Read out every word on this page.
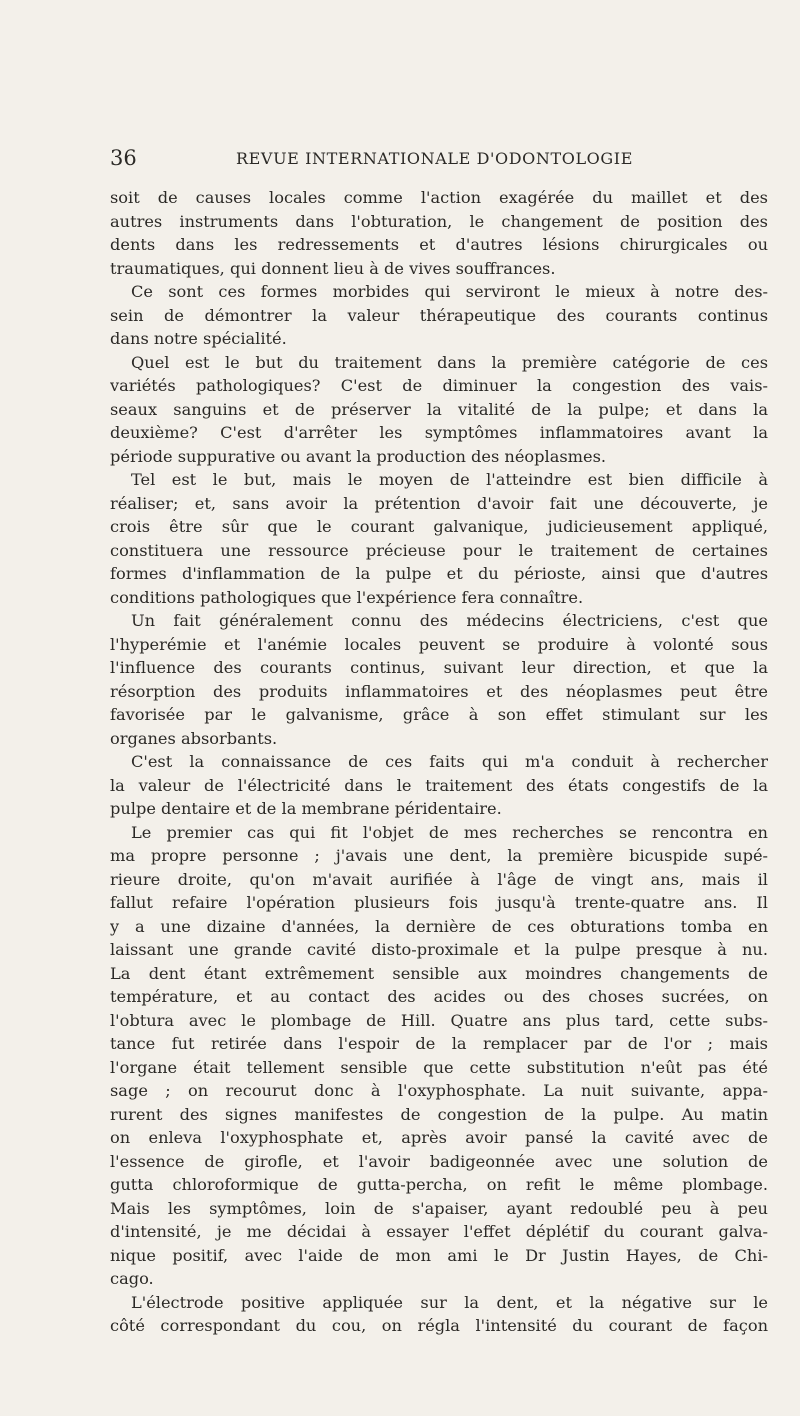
36	REVUE INTERNATIONALE D'ODONTOLOGIE
soit de causes locales comme l'action exagérée du maillet et des
autres instruments dans l'obturation, le changement de position des
dents dans les redressements et d'autres lésions chirurgicales ou
traumatiques, qui donnent lieu à de vives souffrances.
Ce sont ces formes morbides qui serviront le mieux à notre des-
sein de démontrer la valeur thérapeutique des courants continus
dans notre spécialité.
Quel est le but du traitement dans la première catégorie de ces
variétés pathologiques? C'est de diminuer la congestion des vais-
seaux sanguins et de préserver la vitalité de la pulpe; et dans la
deuxième? C'est d'arrêter les symptômes inflammatoires avant la
période suppurative ou avant la production des néoplasmes.
Tel est le but, mais le moyen de l'atteindre est bien difficile à
réaliser; et, sans avoir la prétention d'avoir fait une découverte, je
crois être sûr que le courant galvanique, judicieusement appliqué,
constituera une ressource précieuse pour le traitement de certaines
formes d'inflammation de la pulpe et du périoste, ainsi que d'autres
conditions pathologiques que l'expérience fera connaître.
Un fait généralement connu des médecins électriciens, c'est que
l'hyperémie et l'anémie locales peuvent se produire à volonté sous
l'influence des courants continus, suivant leur direction, et que la
résorption des produits inflammatoires et des néoplasmes peut être
favorisée par le galvanisme, grâce à son effet stimulant sur les
organes absorbants.
C'est la connaissance de ces faits qui m'a conduit à rechercher
la valeur de l'électricité dans le traitement des états congestifs de la
pulpe dentaire et de la membrane péridentaire.
Le premier cas qui fit l'objet de mes recherches se rencontra en
ma propre personne ; j'avais une dent, la première bicuspide supé-
rieure droite, qu'on m'avait aurifiée à l'âge de vingt ans, mais il
fallut refaire l'opération plusieurs fois jusqu'à trente-quatre ans. Il
y a une dizaine d'années, la dernière de ces obturations tomba en
laissant une grande cavité disto-proximale et la pulpe presque à nu.
La dent étant extrêmement sensible aux moindres changements de
température, et au contact des acides ou des choses sucrées, on
l'obtura avec le plombage de Hill. Quatre ans plus tard, cette subs-
tance fut retirée dans l'espoir de la remplacer par de l'or ; mais
l'organe était tellement sensible que cette substitution n'eût pas été
sage ; on recourut donc à l'oxyphosphate. La nuit suivante, appa-
rurent des signes manifestes de congestion de la pulpe. Au matin
on enleva l'oxyphosphate et, après avoir pansé la cavité avec de
l'essence de girofle, et l'avoir badigeonnée avec une solution de
gutta chloroformique de gutta-percha, on refit le même plombage.
Mais les symptômes, loin de s'apaiser, ayant redoublé peu à peu
d'intensité, je me décidai à essayer l'effet déplétif du courant galva-
nique positif, avec l'aide de mon ami le Dr Justin Hayes, de Chi-
cago.
L'électrode positive appliquée sur la dent, et la négative sur le
côté correspondant du cou, on régla l'intensité du courant de façon
